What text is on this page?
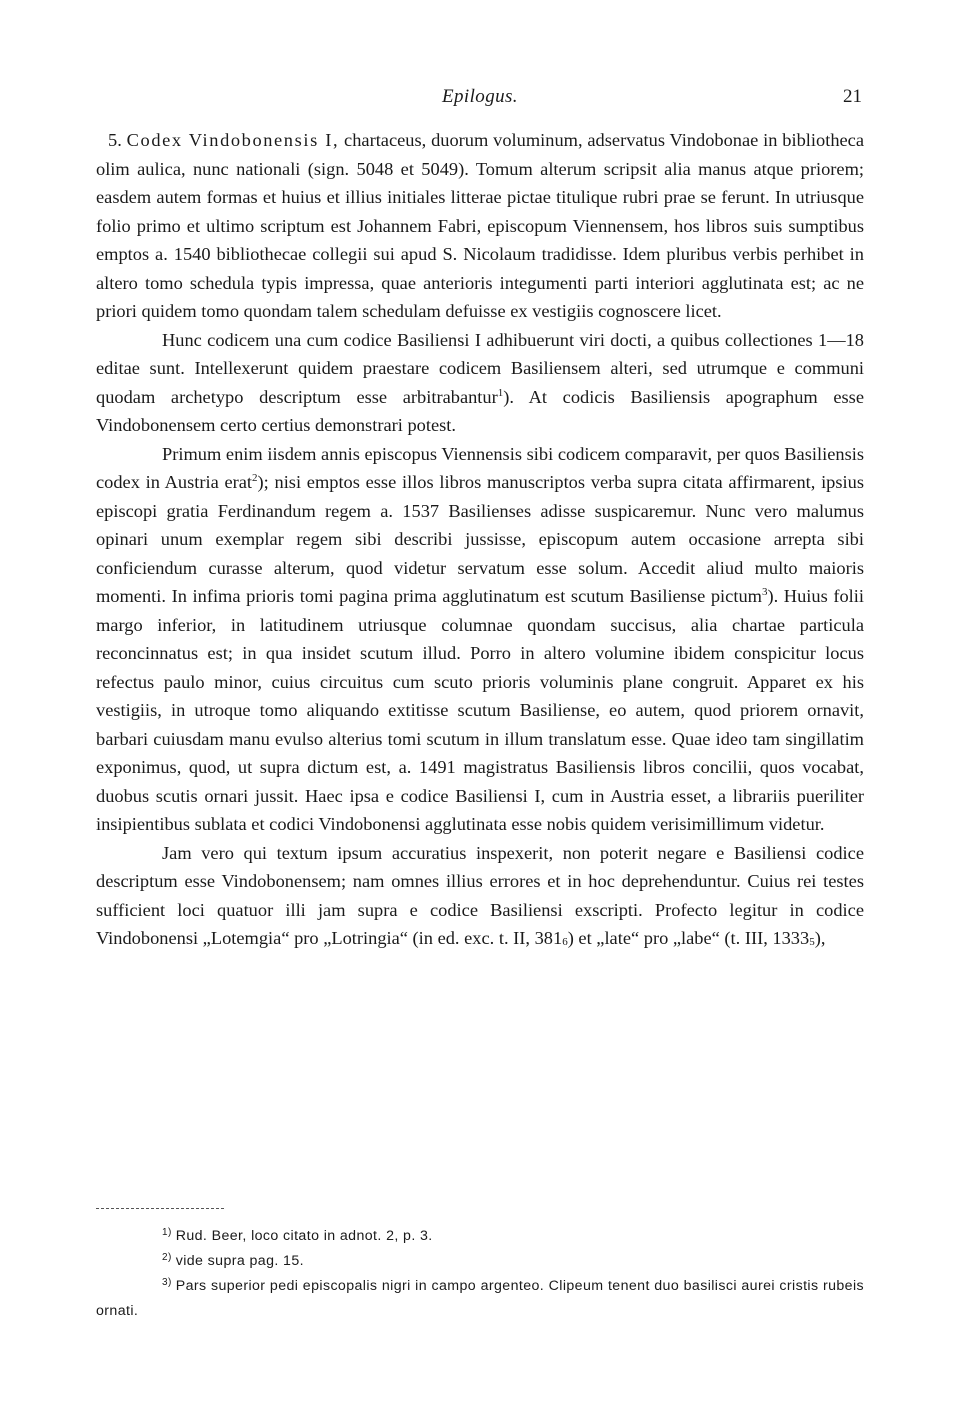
Epilogus.	21

5. Codex Vindobonensis I, chartaceus, duorum voluminum, adservatus Vindobonae in bibliotheca olim aulica, nunc nationali (sign. 5048 et 5049). Tomum alterum scripsit alia manus atque priorem; easdem autem formas et huius et illius initiales litterae pictae titulique rubri prae se ferunt. In utriusque folio primo et ultimo scriptum est Johannem Fabri, episcopum Viennensem, hos libros suis sumptibus emptos a. 1540 bibliothecae collegii sui apud S. Nicolaum tradidisse. Idem pluribus verbis perhibet in altero tomo schedula typis impressa, quae anterioris integumenti parti interiori agglutinata est; ac ne priori quidem tomo quondam talem schedulam defuisse ex vestigiis cognoscere licet.

Hunc codicem una cum codice Basiliensi I adhibuerunt viri docti, a quibus collectiones 1—18 editae sunt. Intellexerunt quidem praestare codicem Basiliensem alteri, sed utrumque e communi quodam archetypo descriptum esse arbitrabantur$^1$). At codicis Basiliensis apographum esse Vindobonensem certo certius demonstrari potest.

Primum enim iisdem annis episcopus Viennensis sibi codicem comparavit, per quos Basiliensis codex in Austria erat$^2$); nisi emptos esse illos libros manuscriptos verba supra citata affirmarent, ipsius episcopi gratia Ferdinandum regem a. 1537 Basilienses adisse suspicaremur. Nunc vero malumus opinari unum exemplar regem sibi describi jussisse, episcopum autem occasione arrepta sibi conficiendum curasse alterum, quod videtur servatum esse solum. Accedit aliud multo maioris momenti. In infima prioris tomi pagina prima agglutinatum est scutum Basiliense pictum$^3$). Huius folii margo inferior, in latitudinem utriusque columnae quondam succisus, alia chartae particula reconcinnatus est; in qua insidet scutum illud. Porro in altero volumine ibidem conspicitur locus refectus paulo minor, cuius circuitus cum scuto prioris voluminis plane congruit. Apparet ex his vestigiis, in utroque tomo aliquando extitisse scutum Basiliense, eo autem, quod priorem ornavit, barbari cuiusdam manu evulso alterius tomi scutum in illum translatum esse. Quae ideo tam singillatim exponimus, quod, ut supra dictum est, a. 1491 magistratus Basiliensis libros concilii, quos vocabat, duobus scutis ornari jussit. Haec ipsa e codice Basiliensi I, cum in Austria esset, a librariis pueriliter insipientibus sublata et codici Vindobonensi agglutinata esse nobis quidem verisimillimum videtur.

Jam vero qui textum ipsum accuratius inspexerit, non poterit negare e Basiliensi codice descriptum esse Vindobonensem; nam omnes illius errores et in hoc deprehenduntur. Cuius rei testes sufficient loci quatuor illi jam supra e codice Basiliensi exscripti. Profecto legitur in codice Vindobonensi „Lotemgia“ pro „Lotringia“ (in ed. exc. t. II, $381_6$) et „late“ pro „labe“ (t. III, $1333_5$),

$^{1)}$ Rud. Beer, loco citato in adnot. 2, p. 3.

$^{2)}$ vide supra pag. 15.

$^{3)}$ Pars superior pedi episcopalis nigri in campo argenteo. Clipeum tenent duo basilisci aurei cristis rubeis ornati.
